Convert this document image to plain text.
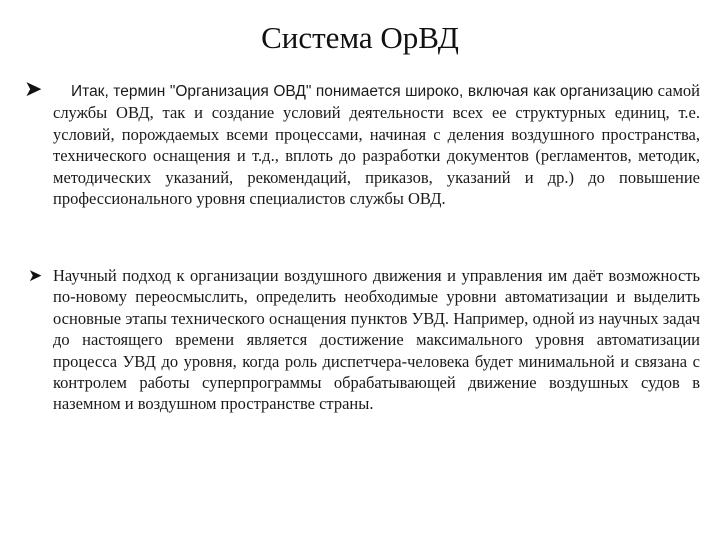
Система ОрВД
➤	Итак, термин "Организация ОВД" понимается широко, включая как организацию самой службы ОВД, так и создание условий деятельности всех ее структурных единиц, т.е. условий, порождаемых всеми процессами, начиная с деления воздушного пространства, технического оснащения и т.д., вплоть до разработки документов (регламентов, методик, методических указаний, рекомендаций, приказов, указаний и др.) до повышение профессионального уровня специалистов службы ОВД.

➤ Научный подход к организации воздушного движения и управления им даёт возможность по-новому переосмыслить, определить необходимые уровни автоматизации и выделить основные этапы технического оснащения пунктов УВД. Например, одной из научных задач до настоящего времени является достижение максимального уровня автоматизации процесса УВД до уровня, когда роль диспетчера-человека будет минимальной и связана с контролем работы суперпрограммы обрабатывающей движение воздушных судов в наземном и воздушном пространстве страны.
